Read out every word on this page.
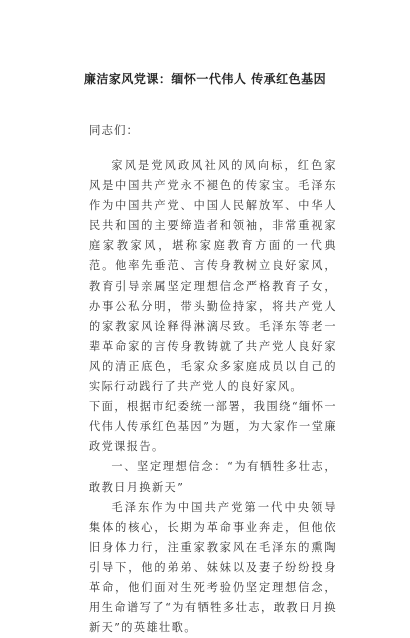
廉洁家风党课：缅怀一代伟人 传承红色基因
同志们：

家风是党风政风社风的风向标，红色家风是中国共产党永不褪色的传家宝。毛泽东作为中国共产党、中国人民解放军、中华人民共和国的主要缔造者和领袖，非常重视家庭家教家风，堪称家庭教育方面的一代典范。他率先垂范、言传身教树立良好家风，教育引导亲属坚定理想信念严格教育子女，办事公私分明，带头勤俭持家，将共产党人的家教家风诠释得淋漓尽致。毛泽东等老一辈革命家的言传身教铸就了共产党人良好家风的清正底色，毛家众多家庭成员以自己的实际行动践行了共产党人的良好家风。

下面，根据市纪委统一部署，我围绕“缅怀一代伟人传承红色基因”为题，为大家作一堂廉政党课报告。

一、坚定理想信念：“为有牺牲多壮志，敢教日月换新天”

毛泽东作为中国共产党第一代中央领导集体的核心，长期为革命事业奔走，但他依旧身体力行，注重家教家风在毛泽东的熏陶引导下，他的弟弟、妹妹以及妻子纷纷投身革命，他们面对生死考验仍坚定理想信念，用生命谱写了“为有牺牲多壮志，敢教日月换新天”的英雄壮歌。
